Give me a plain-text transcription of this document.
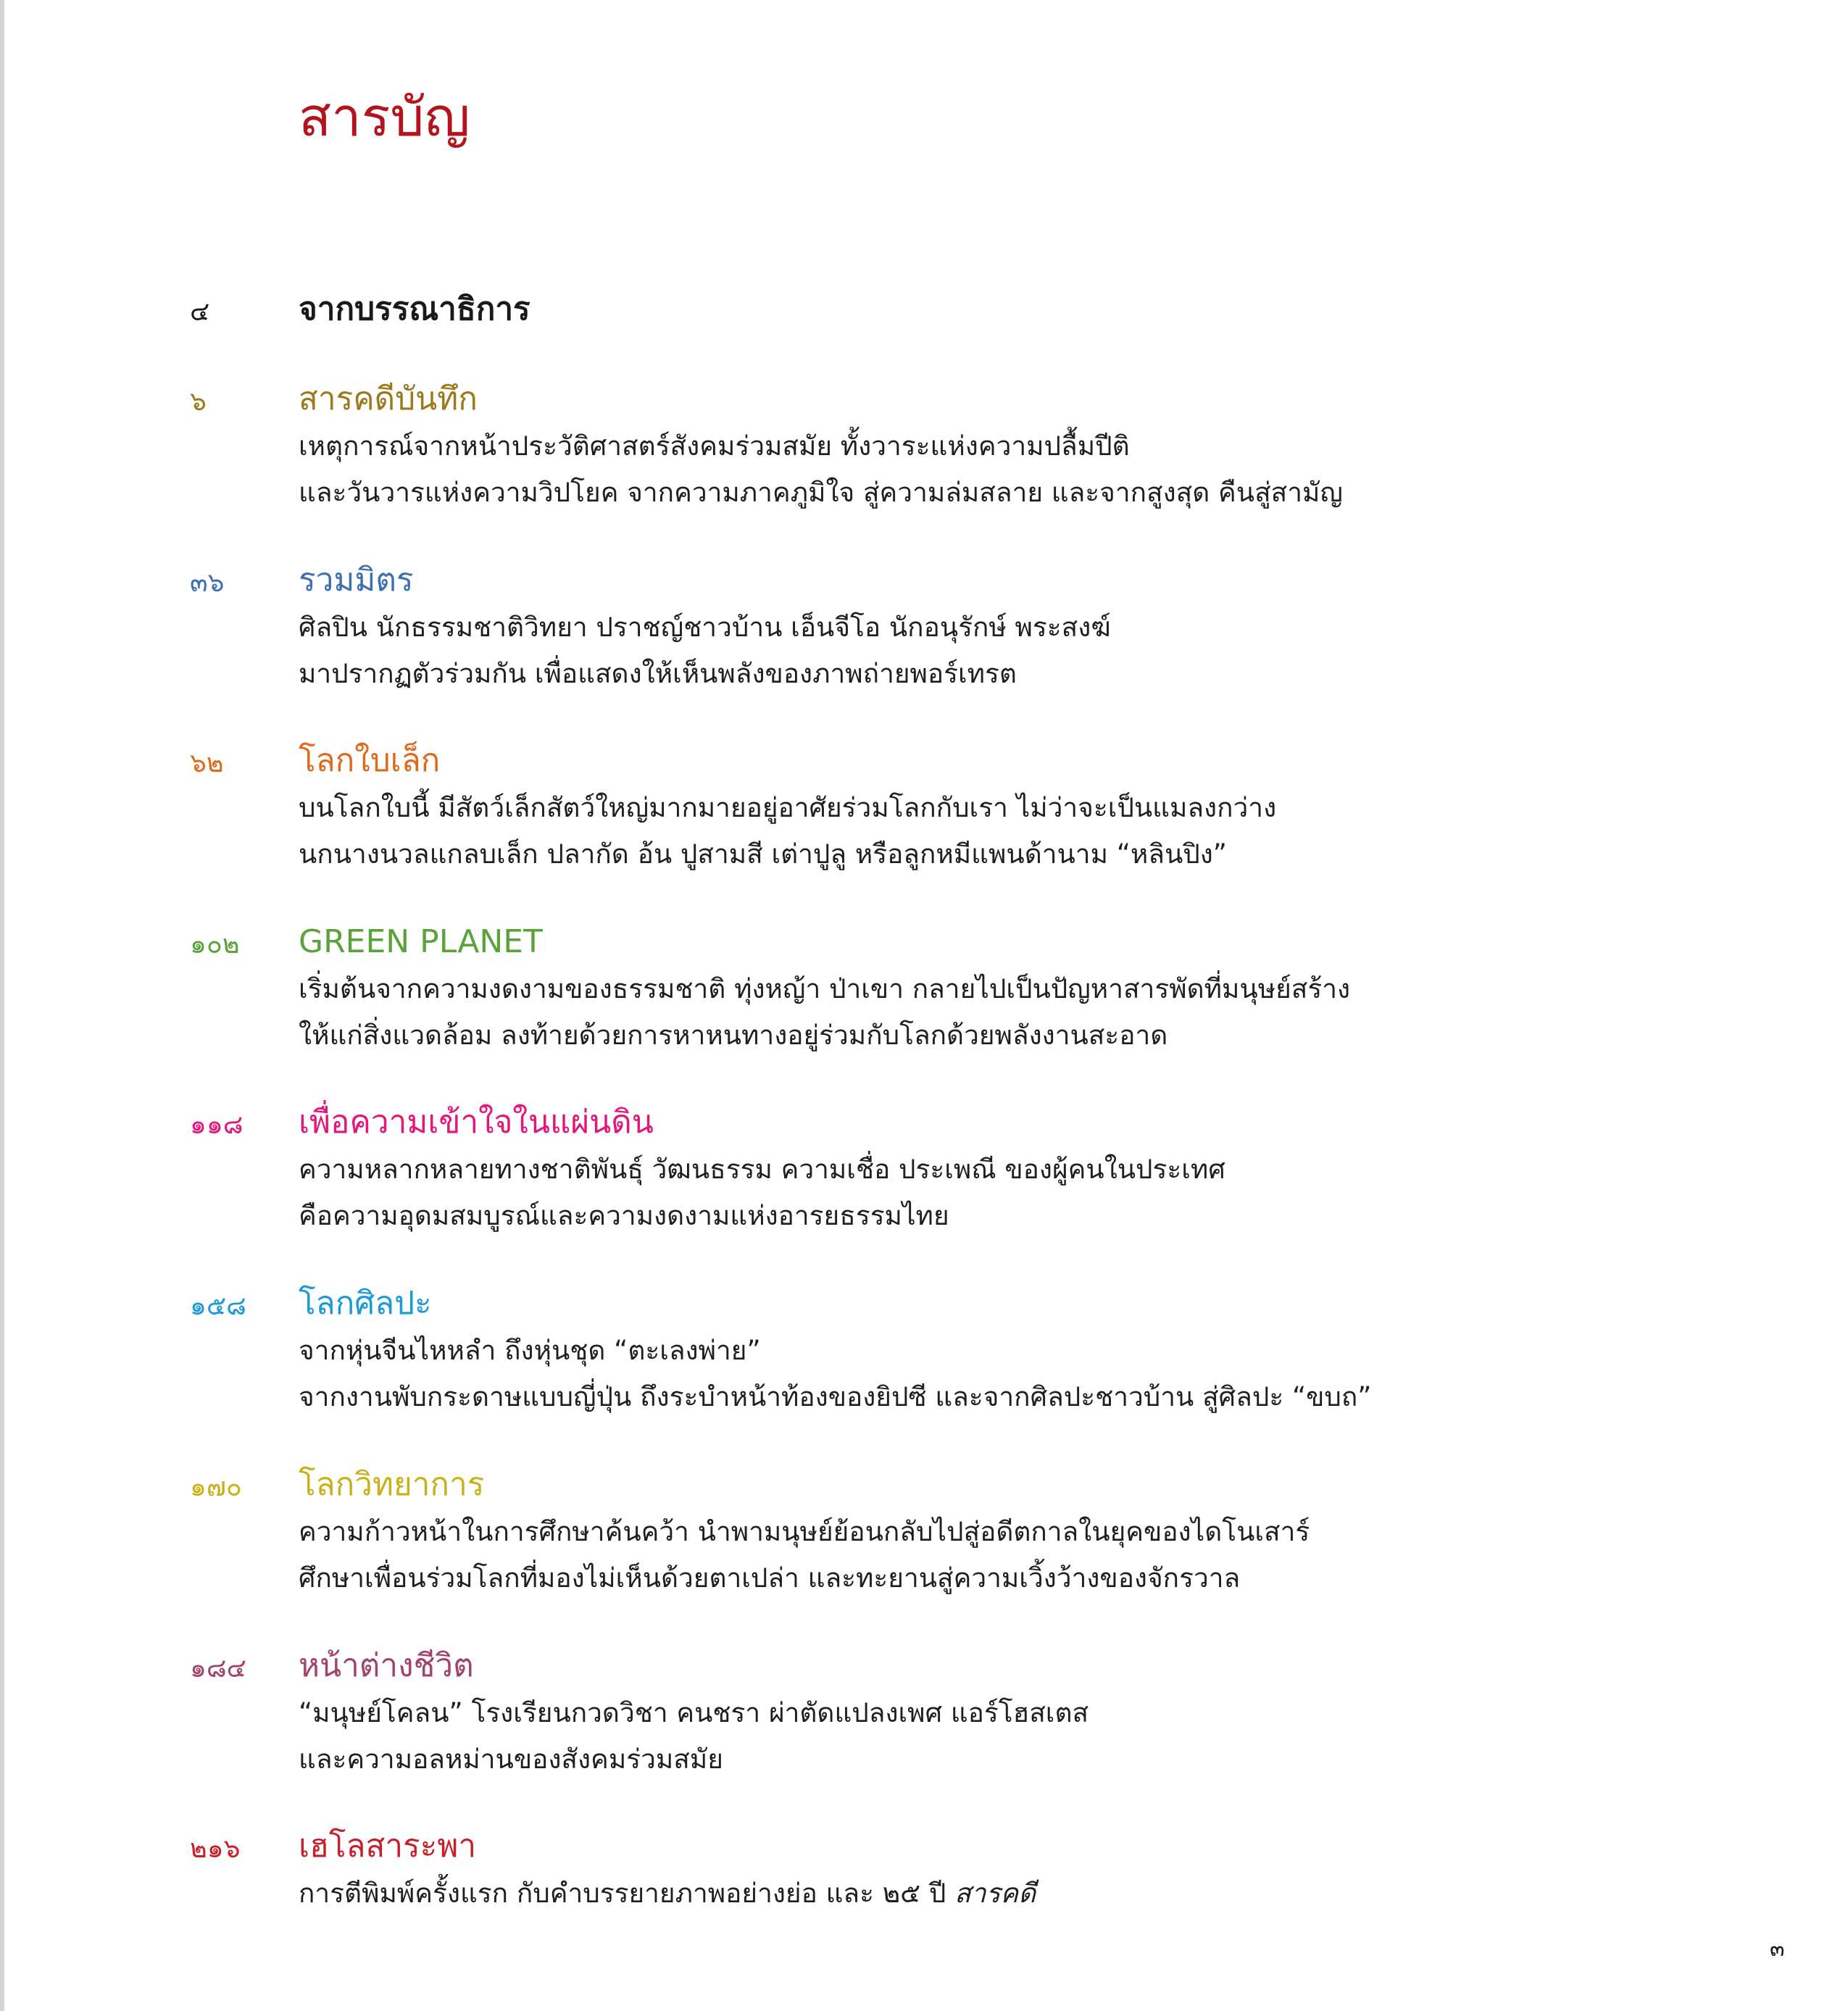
สารบัญ
๔	จากบรรณาธิการ
๖	สารคดีบันทึก
เหตุการณ์จากหน้าประวัติศาสตร์สังคมร่วมสมัย ทั้งวาระแห่งความปลื้มปีติ
และวันวารแห่งความวิปโยค จากความภาคภูมิใจ สู่ความล่มสลาย และจากสูงสุด คืนสู่สามัญ
๓๖ รวมมิตร
ศิลปิน นักธรรมชาติวิทยา ปราชญ์ชาวบ้าน เอ็นจีโอ นักอนุรักษ์ พระสงฆ์
มาปรากฏตัวร่วมกัน เพื่อแสดงให้เห็นพลังของภาพถ่ายพอร์เทรต
๖๒ โลกใบเล็ก
บนโลกใบนี้ มีสัตว์เล็กสัตว์ใหญ่มากมายอยู่อาศัยร่วมโลกกับเรา ไม่ว่าจะเป็นแมลงกว่าง
นกนางนวลแกลบเล็ก ปลากัด อ้น ปูสามสี เต่าปูลู หรือลูกหมีแพนด้านาม “หลินปิง”
๑๐๒ GREEN PLANET
เริ่มต้นจากความงดงามของธรรมชาติ ทุ่งหญ้า ป่าเขา กลายไปเป็นปัญหาสารพัดที่มนุษย์สร้าง
ให้แก่สิ่งแวดล้อม ลงท้ายด้วยการหาหนทางอยู่ร่วมกับโลกด้วยพลังงานสะอาด
๑๑๘ เพื่อความเข้าใจในแผ่นดิน
ความหลากหลายทางชาติพันธุ์ วัฒนธรรม ความเชื่อ ประเพณี ของผู้คนในประเทศ
คือความอุดมสมบูรณ์และความงดงามแห่งอารยธรรมไทย
๑๕๘ โลกศิลปะ
จากหุ่นจีนไหหลำ ถึงหุ่นชุด “ตะเลงพ่าย”
จากงานพับกระดาษแบบญี่ปุ่น ถึงระบำหน้าท้องของยิปซี และจากศิลปะชาวบ้าน สู่ศิลปะ “ขบถ”
๑๗๐ โลกวิทยาการ
ความก้าวหน้าในการศึกษาค้นคว้า นำพามนุษย์ย้อนกลับไปสู่อดีตกาลในยุคของไดโนเสาร์
ศึกษาเพื่อนร่วมโลกที่มองไม่เห็นด้วยตาเปล่า และทะยานสู่ความเวิ้งว้างของจักรวาล
๑๘๔ หน้าต่างชีวิต
“มนุษย์โคลน” โรงเรียนกวดวิชา คนชรา ผ่าตัดแปลงเพศ แอร์โฮสเตส
และความอลหม่านของสังคมร่วมสมัย
๒๑๖ เฮโลสาระพา
การตีพิมพ์ครั้งแรก กับคำบรรยายภาพอย่างย่อ และ ๒๕ ปี สารคดี
๓
